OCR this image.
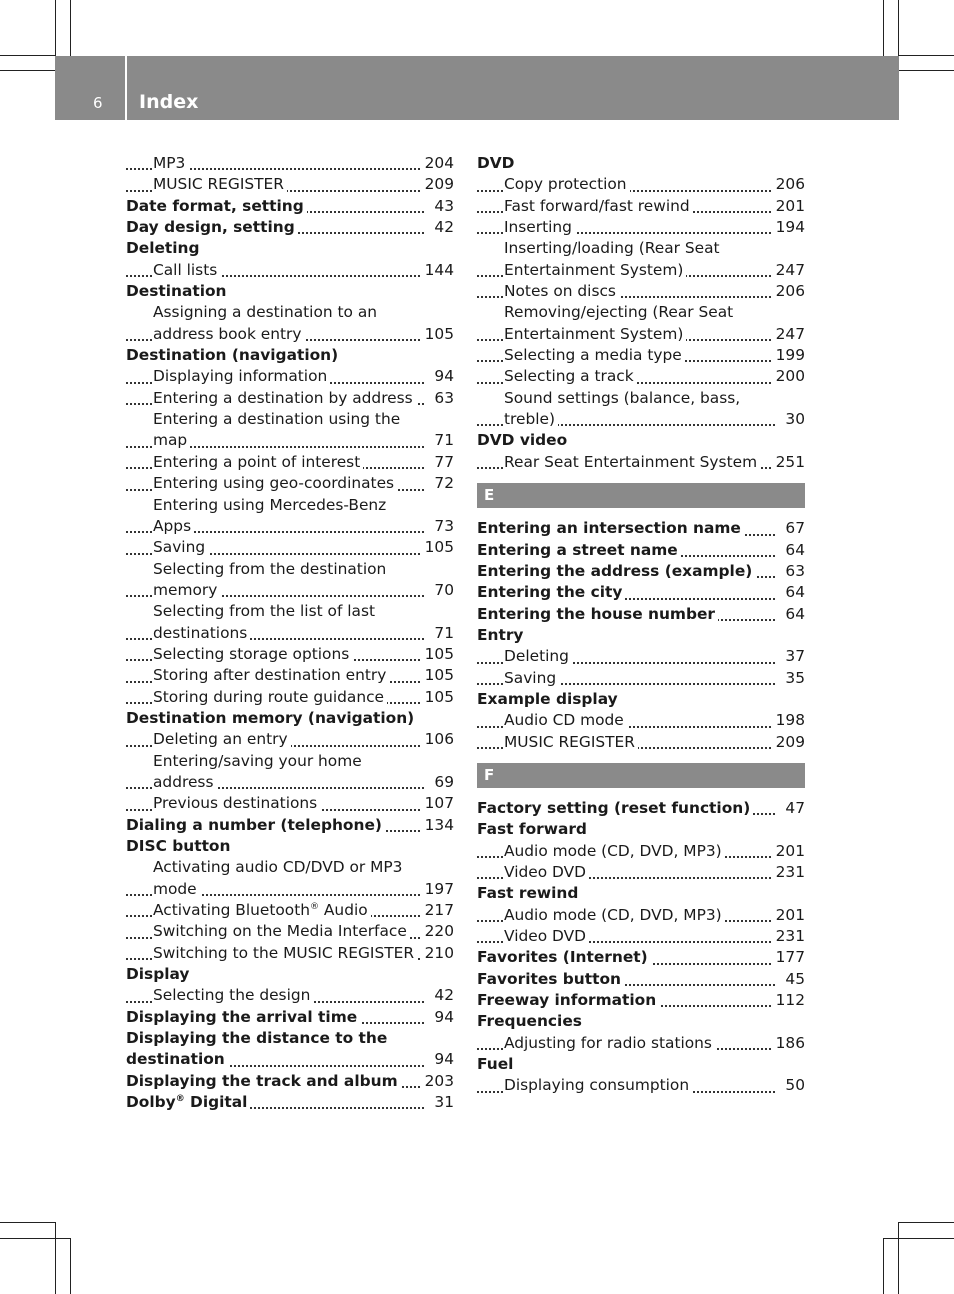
6 Index
MP3	204
MUSIC REGISTER	209
Date format, setting	43
Day design, setting	42
Deleting
Call lists	144
Destination
Assigning a destination to an
address book entry	105
Destination (navigation)
Displaying information	94
Entering a destination by address 63
Entering a destination using the
map	71
Entering a point of interest	77
Entering using geo-coordinates	72
Entering using Mercedes-Benz
Apps	73
Saving	105
Selecting from the destination
memory	70
Selecting from the list of last
destinations	71
Selecting storage options	105
Storing after destination entry 105
Storing during route guidance	105
Destination memory (navigation)
Deleting an entry	106
Entering/saving your home
address	69
Previous destinations	107
Dialing a number (telephone)	134
DISC button
Activating audio CD/DVD or MP3
mode	197
Activating Bluetooth® Audio	217
Switching on the Media Interface 220
Switching to the MUSIC REGISTER 210
Display
Selecting the design	42
Displaying the arrival time	94
Displaying the distance to the
destination	94
Displaying the track and album 203
Dolby® Digital	31
DVD
Copy protection	206
Fast forward/fast rewind	201
Inserting	194
Inserting/loading (Rear Seat
Entertainment System)	247
Notes on discs	206
Removing/ejecting (Rear Seat
Entertainment System)	247
Selecting a media type	199
Selecting a track	200
Sound settings (balance, bass,
treble)	30
DVD video
Rear Seat Entertainment System 251
E
Entering an intersection name	67
Entering a street name	64
Entering the address (example) 63
Entering the city	64
Entering the house number	64
Entry
Deleting	37
Saving	35
Example display
Audio CD mode	198
MUSIC REGISTER	209
F
Factory setting (reset function) 47
Fast forward
Audio mode (CD, DVD, MP3)	201
Video DVD	231
Fast rewind
Audio mode (CD, DVD, MP3)	201
Video DVD	231
Favorites (Internet)	177
Favorites button	45
Freeway information	112
Frequencies
Adjusting for radio stations	186
Fuel
Displaying consumption	50
